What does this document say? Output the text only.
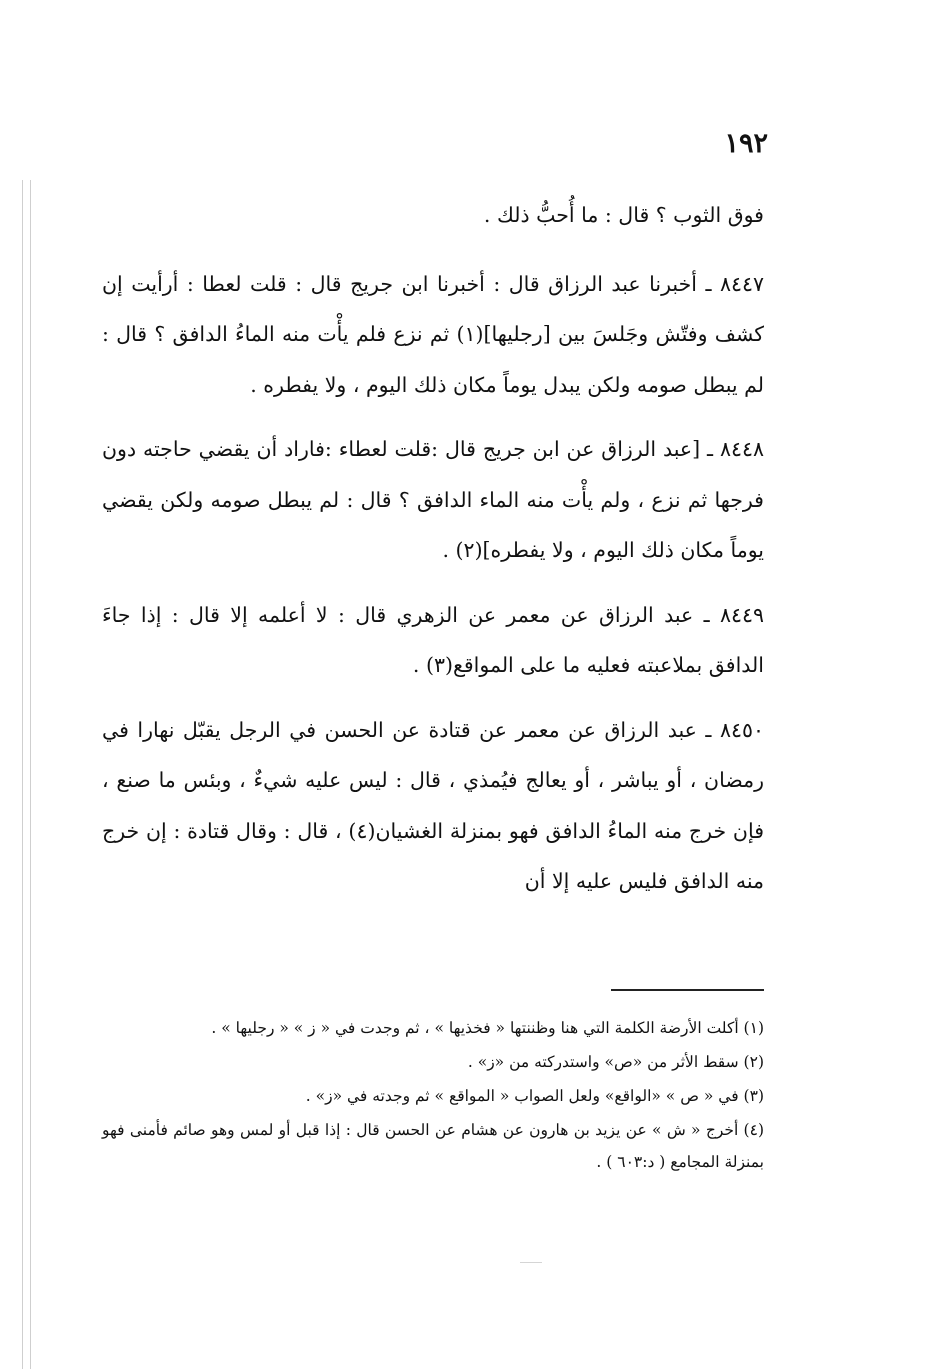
١٩٢

فوق الثوب ؟ قال : ما أُحبُّ ذلك .

٨٤٤٧ ـ أخبرنا عبد الرزاق قال : أخبرنا ابن جريج قال : قلت لعطا : أرأيت إن كشف وفتّش وجَلسَ بين [رجليها](١) ثم نزع فلم يأْت منه الماءُ الدافق ؟ قال : لم يبطل صومه ولكن يبدل يوماً مكان ذلك اليوم ، ولا يفطره .

٨٤٤٨ ـ [عبد الرزاق عن ابن جريج قال :قلت لعطاء :فاراد أن يقضي حاجته دون فرجها ثم نزع ، ولم يأْت منه الماء الدافق ؟ قال : لم يبطل صومه ولكن يقضي يوماً مكان ذلك اليوم ، ولا يفطره](٢) .

٨٤٤٩ ـ عبد الرزاق عن معمر عن الزهري قال : لا أعلمه إلا قال : إذا جاءَ الدافق بملاعبته فعليه ما على المواقع(٣) .

٨٤٥٠ ـ عبد الرزاق عن معمر عن قتادة عن الحسن في الرجل يقبّل نهارا في رمضان ، أو يباشر ، أو يعالج فيُمذي ، قال : ليس عليه شيءٌ ، وبئس ما صنع ، فإن خرج منه الماءُ الدافق فهو بمنزلة الغشيان(٤) ، قال : وقال قتادة : إن خرج منه الدافق فليس عليه إلا أن

(١) أكلت الأرضة الكلمة التي هنا وظننتها « فخذيها » ، ثم وجدت في « ز » « رجليها » .

(٢) سقط الأثر من «ص» واستدركته من «ز» .

(٣) في « ص » «الواقع» ولعل الصواب « المواقع » ثم وجدته في «ز» .

(٤) أخرج « ش » عن يزيد بن هارون عن هشام عن الحسن قال : إذا قبل أو لمس وهو صائم فأمنى فهو بمنزلة المجامع ( د:٦٠٣ ) .
